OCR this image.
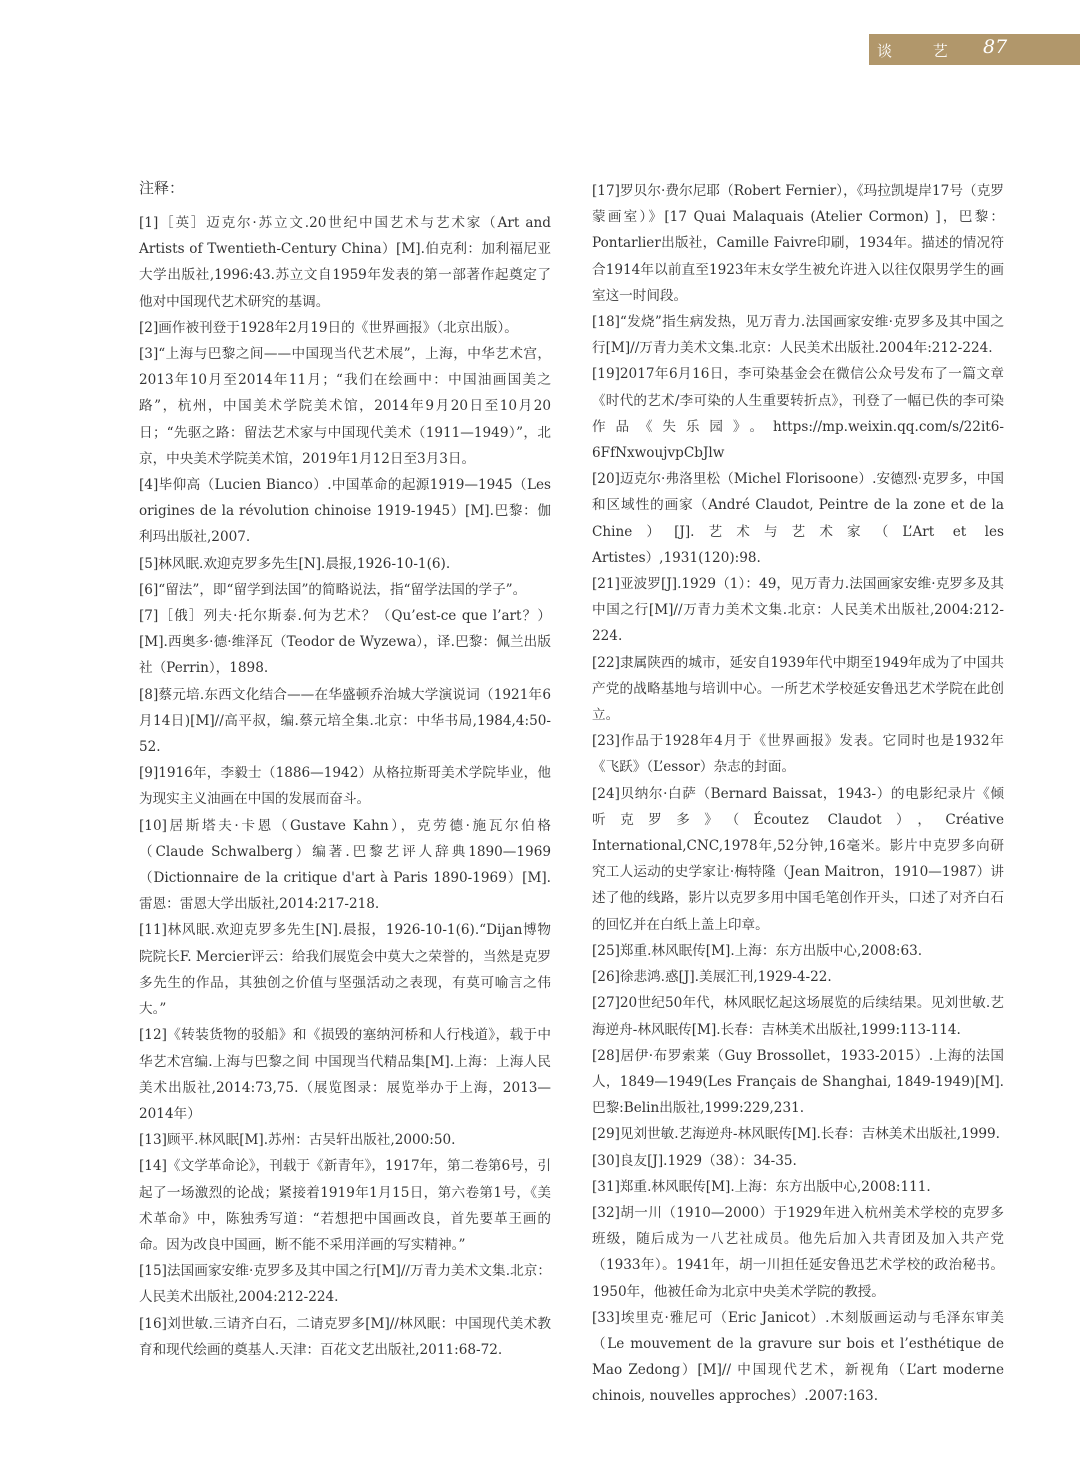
谈 艺 87

注释：

[1]［英］迈克尔·苏立文.20世纪中国艺术与艺术家（Art and Artists of Twentieth-Century China）[M].伯克利：加利福尼亚大学出版社,1996:43.苏立文自1959年发表的第一部著作起奠定了他对中国现代艺术研究的基调。

[2]画作被刊登于1928年2月19日的《世界画报》（北京出版）。

[3]“上海与巴黎之间——中国现当代艺术展”，上海，中华艺术宫，2013年10月至2014年11月；“我们在绘画中：中国油画国美之路”，杭州，中国美术学院美术馆，2014年9月20日至10月20日；“先驱之路：留法艺术家与中国现代美术（1911—1949）”，北京，中央美术学院美术馆，2019年1月12日至3月3日。

[4]毕仰高（Lucien Bianco）.中国革命的起源1919—1945（Les origines de la révolution chinoise 1919-1945）[M].巴黎：伽利玛出版社,2007.

[5]林风眠.欢迎克罗多先生[N].晨报,1926-10-1(6).

[6]“留法”，即“留学到法国”的简略说法，指“留学法国的学子”。

[7]［俄］列夫·托尔斯泰.何为艺术？（Qu’est-ce que l’art？）[M].西奥多·德·维泽瓦（Teodor de Wyzewa），译.巴黎：佩兰出版社（Perrin），1898.

[8]蔡元培.东西文化结合——在华盛顿乔治城大学演说词（1921年6月14日)[M]//高平叔，编.蔡元培全集.北京：中华书局,1984,4:50-52.

[9]1916年，李毅士（1886—1942）从格拉斯哥美术学院毕业，他为现实主义油画在中国的发展而奋斗。

[10]居斯塔夫·卡恩（Gustave Kahn），克劳德·施瓦尔伯格（Claude Schwalberg）编著.巴黎艺评人辞典1890—1969（Dictionnaire de la critique d'art à Paris 1890-1969）[M].雷恩：雷恩大学出版社,2014:217-218.

[11]林风眠.欢迎克罗多先生[N].晨报，1926-10-1(6).“Dijan博物院院长F. Mercier评云：给我们展览会中莫大之荣誉的，当然是克罗多先生的作品，其独创之价值与坚强活动之表现，有莫可喻言之伟大。”

[12]《转装货物的驳船》和《损毁的塞纳河桥和人行栈道》，载于中华艺术宫编.上海与巴黎之间 中国现当代精品集[M].上海：上海人民美术出版社,2014:73,75.（展览图录：展览举办于上海，2013—2014年）

[13]顾平.林风眠[M].苏州：古吴轩出版社,2000:50.

[14]《文学革命论》，刊载于《新青年》，1917年，第二卷第6号，引起了一场激烈的论战；紧接着1919年1月15日，第六卷第1号，《美术革命》中，陈独秀写道：“若想把中国画改良，首先要革王画的命。因为改良中国画，断不能不采用洋画的写实精神。”

[15]法国画家安维·克罗多及其中国之行[M]//万青力美术文集.北京：人民美术出版社,2004:212-224.

[16]刘世敏.三请齐白石，二请克罗多[M]//林风眠：中国现代美术教育和现代绘画的奠基人.天津：百花文艺出版社,2011:68-72.

[17]罗贝尔·费尔尼耶（Robert Fernier），《玛拉凯堤岸17号（克罗蒙画室）》[17 Quai Malaquais (Atelier Cormon) ]，巴黎：Pontarlier出版社，Camille Faivre印刷，1934年。描述的情况符合1914年以前直至1923年末女学生被允许进入以往仅限男学生的画室这一时间段。

[18]“发烧”指生病发热，见万青力.法国画家安维·克罗多及其中国之行[M]//万青力美术文集.北京：人民美术出版社.2004年:212-224.

[19]2017年6月16日，李可染基金会在微信公众号发布了一篇文章《时代的艺术/李可染的人生重要转折点》，刊登了一幅已佚的李可染作品《失乐园》。https://mp.weixin.qq.com/s/22it6-6FfNxwoujvpCbJlw

[20]迈克尔·弗洛里松（Michel Florisoone）.安德烈·克罗多，中国和区域性的画家（André Claudot, Peintre de la zone et de la Chine）[J].艺术与艺术家（L’Art et les Artistes）,1931(120):98.

[21]亚波罗[J].1929（1）：49，见万青力.法国画家安维·克罗多及其中国之行[M]//万青力美术文集.北京：人民美术出版社,2004:212-224.

[22]隶属陕西的城市，延安自1939年代中期至1949年成为了中国共产党的战略基地与培训中心。一所艺术学校延安鲁迅艺术学院在此创立。

[23]作品于1928年4月于《世界画报》发表。它同时也是1932年《飞跃》（L’essor）杂志的封面。

[24]贝纳尔·白萨（Bernard Baissat，1943-）的电影纪录片《倾听克罗多》（Écoutez Claudot），Créative International,CNC,1978年,52分钟,16毫米。影片中克罗多向研究工人运动的史学家让·梅特隆（Jean Maitron，1910—1987）讲述了他的线路，影片以克罗多用中国毛笔创作开头，口述了对齐白石的回忆并在白纸上盖上印章。

[25]郑重.林风眠传[M].上海：东方出版中心,2008:63.

[26]徐悲鸿.惑[J].美展汇刊,1929-4-22.

[27]20世纪50年代，林风眠忆起这场展览的后续结果。见刘世敏.艺海逆舟-林风眠传[M].长春：吉林美术出版社,1999:113-114.

[28]居伊·布罗索莱（Guy Brossollet，1933-2015）.上海的法国人，1849—1949(Les Français de Shanghai, 1849-1949)[M].巴黎:Belin出版社,1999:229,231.

[29]见刘世敏.艺海逆舟-林风眠传[M].长春：吉林美术出版社,1999.

[30]良友[J].1929（38）：34-35.

[31]郑重.林风眠传[M].上海：东方出版中心,2008:111.

[32]胡一川（1910—2000）于1929年进入杭州美术学校的克罗多班级，随后成为一八艺社成员。他先后加入共青团及加入共产党（1933年）。1941年，胡一川担任延安鲁迅艺术学校的政治秘书。1950年，他被任命为北京中央美术学院的教授。

[33]埃里克·雅尼可（Eric Janicot）.木刻版画运动与毛泽东审美（Le mouvement de la gravure sur bois et l’esthétique de Mao Zedong）[M]// 中国现代艺术，新视角（L’art moderne chinois, nouvelles approches）.2007:163.
